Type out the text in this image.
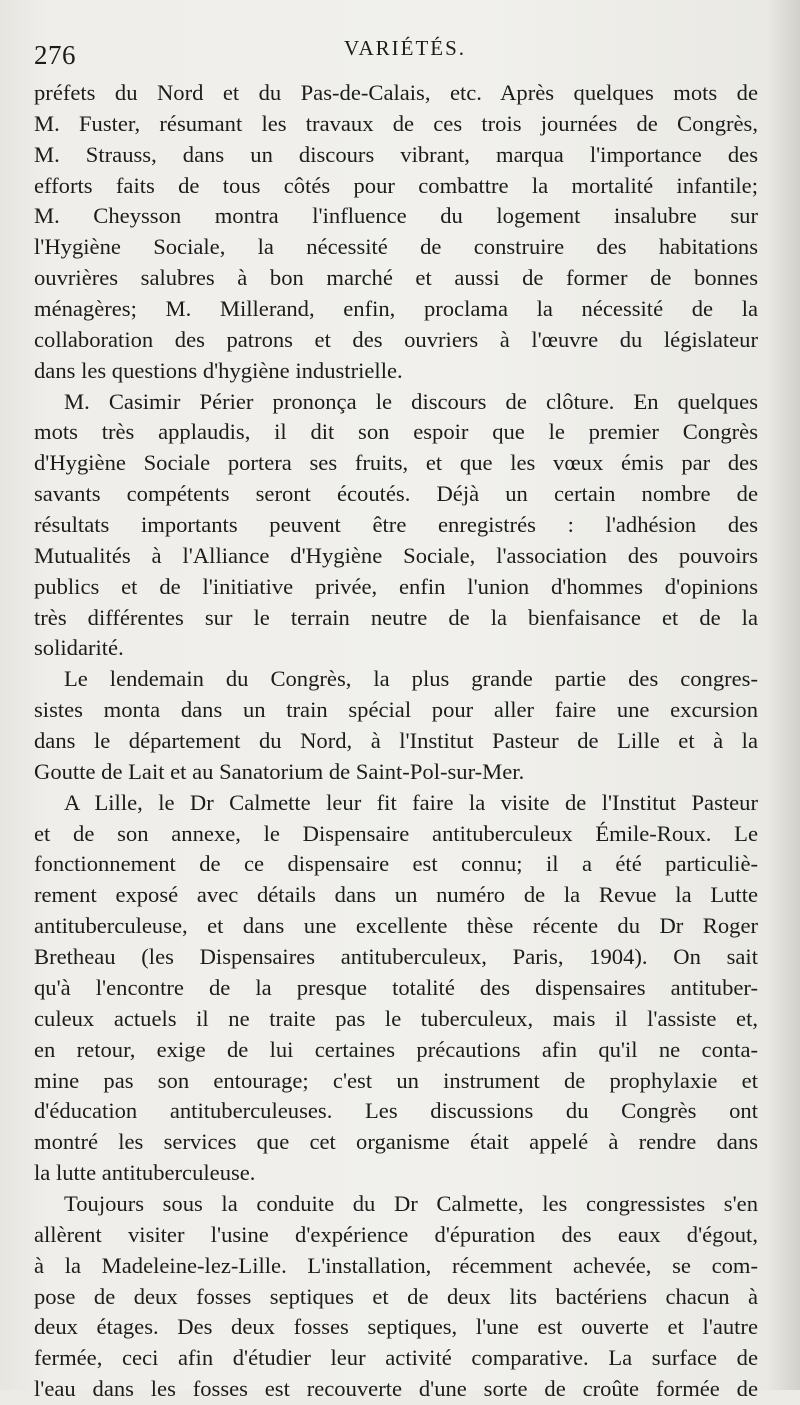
276	VARIÉTÉS.
préfets du Nord et du Pas-de-Calais, etc. Après quelques mots de
M. Fuster, résumant les travaux de ces trois journées de Congrès,
M. Strauss, dans un discours vibrant, marqua l'importance des
efforts faits de tous côtés pour combattre la mortalité infantile;
M. Cheysson montra l'influence du logement insalubre sur
l'Hygiène Sociale, la nécessité de construire des habitations
ouvrières salubres à bon marché et aussi de former de bonnes
ménagères; M. Millerand, enfin, proclama la nécessité de la
collaboration des patrons et des ouvriers à l'œuvre du législateur
dans les questions d'hygiène industrielle.
M. Casimir Périer prononça le discours de clôture. En quelques
mots très applaudis, il dit son espoir que le premier Congrès
d'Hygiène Sociale portera ses fruits, et que les vœux émis par des
savants compétents seront écoutés. Déjà un certain nombre de
résultats importants peuvent être enregistrés : l'adhésion des
Mutualités à l'Alliance d'Hygiène Sociale, l'association des pouvoirs
publics et de l'initiative privée, enfin l'union d'hommes d'opinions
très différentes sur le terrain neutre de la bienfaisance et de la
solidarité.
Le lendemain du Congrès, la plus grande partie des congres-
sistes monta dans un train spécial pour aller faire une excursion
dans le département du Nord, à l'Institut Pasteur de Lille et à la
Goutte de Lait et au Sanatorium de Saint-Pol-sur-Mer.
A Lille, le Dr Calmette leur fit faire la visite de l'Institut Pasteur
et de son annexe, le Dispensaire antituberculeux Émile-Roux. Le
fonctionnement de ce dispensaire est connu; il a été particuliè-
rement exposé avec détails dans un numéro de la Revue la Lutte
antituberculeuse, et dans une excellente thèse récente du Dr Roger
Bretheau (les Dispensaires antituberculeux, Paris, 1904). On sait
qu'à l'encontre de la presque totalité des dispensaires antituber-
culeux actuels il ne traite pas le tuberculeux, mais il l'assiste et,
en retour, exige de lui certaines précautions afin qu'il ne conta-
mine pas son entourage; c'est un instrument de prophylaxie et
d'éducation antituberculeuses. Les discussions du Congrès ont
montré les services que cet organisme était appelé à rendre dans
la lutte antituberculeuse.
Toujours sous la conduite du Dr Calmette, les congressistes s'en
allèrent visiter l'usine d'expérience d'épuration des eaux d'égout,
à la Madeleine-lez-Lille. L'installation, récemment achevée, se com-
pose de deux fosses septiques et de deux lits bactériens chacun à
deux étages. Des deux fosses septiques, l'une est ouverte et l'autre
fermée, ceci afin d'étudier leur activité comparative. La surface de
l'eau dans les fosses est recouverte d'une sorte de croûte formée de
